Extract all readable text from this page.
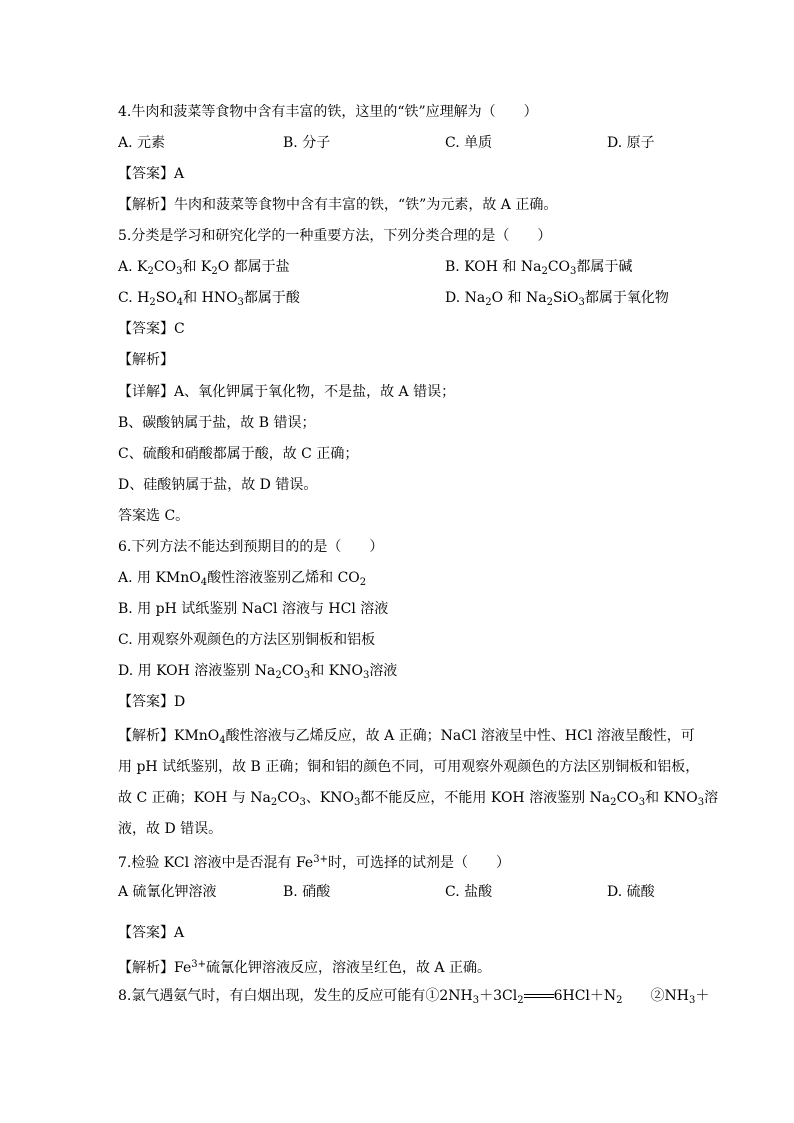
4.牛肉和菠菜等食物中含有丰富的铁，这里的“铁”应理解为（　　）
A. 元素	B. 分子	C. 单质	D. 原子
【答案】A
【解析】牛肉和菠菜等食物中含有丰富的铁，“铁”为元素，故 A 正确。
5.分类是学习和研究化学的一种重要方法，下列分类合理的是（　　）
A. $K_2CO_3$和 $K_2O$ 都属于盐	B. KOH 和 $Na_2CO_3$都属于碱
C. $H_2SO_4$和 $HNO_3$都属于酸	D. $Na_2O$ 和 $Na_2SiO_3$都属于氧化物
【答案】C
【解析】
【详解】A、氧化钾属于氧化物，不是盐，故 A 错误；
B、碳酸钠属于盐，故 B 错误；
C、硫酸和硝酸都属于酸，故 C 正确；
D、硅酸钠属于盐，故 D 错误。
答案选 C。
6.下列方法不能达到预期目的的是（　　）
A. 用 KMnO$_4$酸性溶液鉴别乙烯和 $CO_2$
B. 用 pH 试纸鉴别 NaCl 溶液与 HCl 溶液
C. 用观察外观颜色的方法区别铜板和铝板
D. 用 KOH 溶液鉴别 $Na_2CO_3$和 $KNO_3$溶液
【答案】D
【解析】KMnO$_4$酸性溶液与乙烯反应，故 A 正确；NaCl 溶液呈中性、HCl 溶液呈酸性，可
用 pH 试纸鉴别，故 B 正确；铜和铝的颜色不同，可用观察外观颜色的方法区别铜板和铝板，
故 C 正确；KOH 与 $Na_2CO_3$、$KNO_3$都不能反应，不能用 KOH 溶液鉴别 $Na_2CO_3$和 $KNO_3$溶
液，故 D 错误。
7.检验 KCl 溶液中是否混有 $Fe^{3+}$时，可选择的试剂是（　　）
A 硫氰化钾溶液	B. 硝酸	C. 盐酸	D. 硫酸
【答案】A
【解析】$Fe^{3+}$硫氰化钾溶液反应，溶液呈红色，故 A 正确。
8.氯气遇氨气时，有白烟出现，发生的反应可能有$①2NH_3+3Cl_2$ $6HCl+N_2$　　$②NH_3+$
